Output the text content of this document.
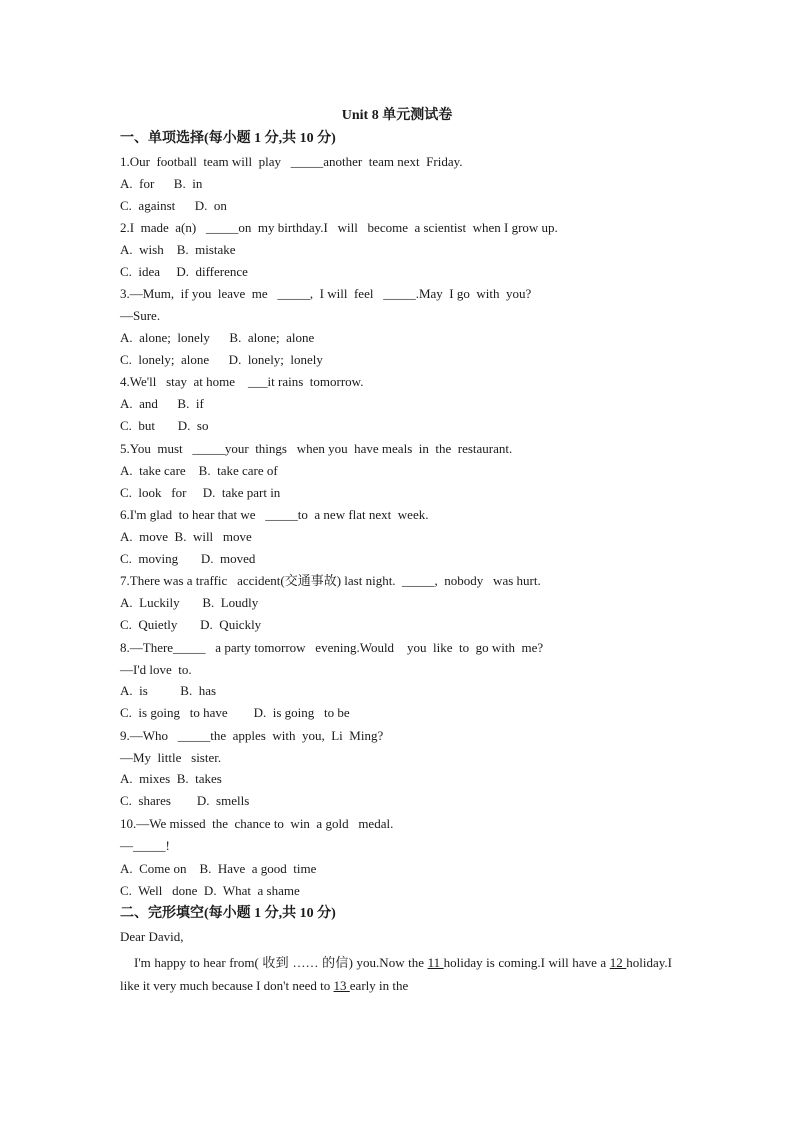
Unit 8 单元测试卷
一、单项选择(每小题 1 分,共 10 分)
1.Our  football  team will  play   _____another  team next  Friday.
A.  for      B.  in
C.  against      D.  on
2.I  made  a(n)   _____on  my birthday.I   will   become  a scientist  when I grow up.
A.  wish    B.  mistake
C.  idea     D.  difference
3.—Mum,  if you  leave  me   _____,  I will  feel   _____.May  I go  with  you?
—Sure.
A.  alone;  lonely      B.  alone;  alone
C.  lonely;  alone      D.  lonely;  lonely
4.We'll   stay  at home    ___it rains  tomorrow.
A.  and      B.  if
C.  but       D.  so
5.You  must   _____your  things   when you  have meals  in  the  restaurant.
A.  take care    B.  take care of
C.  look   for     D.  take part in
6.I'm glad  to hear that we   _____to  a new flat next  week.
A.  move  B.  will   move
C.  moving       D.  moved
7.There was a traffic   accident(交通事故) last night.  _____,  nobody   was hurt.
A.  Luckily       B.  Loudly
C.  Quietly       D.  Quickly
8.—There_____   a party tomorrow   evening.Would    you  like  to  go with  me?
—I'd love  to.
A.  is          B.  has
C.  is going   to have        D.  is going   to be
9.—Who   _____the  apples  with  you,  Li  Ming?
—My  little   sister.
A.  mixes  B.  takes
C.  shares        D.  smells
10.—We missed  the  chance to  win  a gold   medal.
—_____!
A.  Come on    B.  Have  a good  time
C.  Well   done  D.  What  a shame
二、完形填空(每小题 1 分,共 10 分)
Dear David,
I'm happy to hear from( 收到 …… 的信) you.Now the 11 holiday is coming.I will have a 12 holiday.I like it very much because I don't need to 13 early in the
